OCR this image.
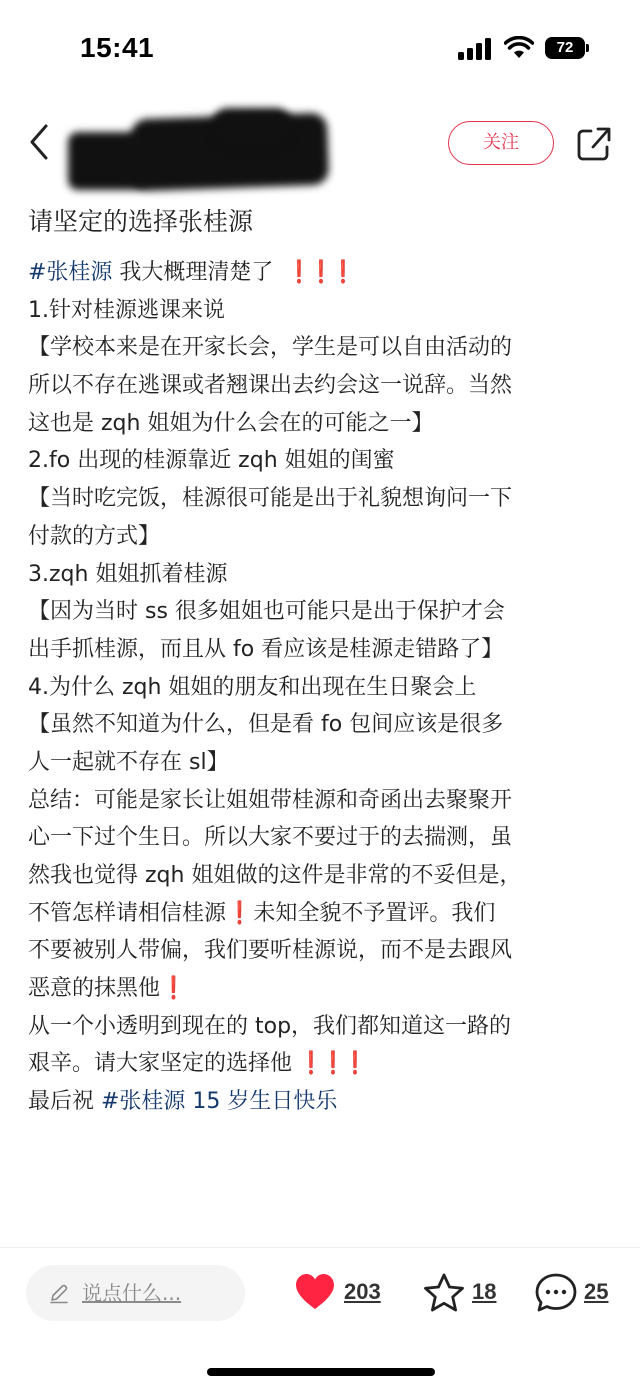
15:41	72
关注
请坚定的选择张桂源
#张桂源 我大概理清楚了 ❗️❗️❗️
1.针对桂源逃课来说
【学校本来是在开家长会，学生是可以自由活动的
所以不存在逃课或者翘课出去约会这一说辞。当然
这也是 zqh 姐姐为什么会在的可能之一】
2.fo 出现的桂源靠近 zqh 姐姐的闺蜜
【当时吃完饭，桂源很可能是出于礼貌想询问一下
付款的方式】
3.zqh 姐姐抓着桂源
【因为当时 ss 很多姐姐也可能只是出于保护才会
出手抓桂源，而且从 fo 看应该是桂源走错路了】
4.为什么 zqh 姐姐的朋友和出现在生日聚会上
【虽然不知道为什么，但是看 fo 包间应该是很多
人一起就不存在 sl】
总结：可能是家长让姐姐带桂源和奇函出去聚聚开
心一下过个生日。所以大家不要过于的去揣测，虽
然我也觉得 zqh 姐姐做的这件是非常的不妥但是，
不管怎样请相信桂源 ❗️ 未知全貌不予置评。我们
不要被别人带偏，我们要听桂源说，而不是去跟风
恶意的抹黑他 ❗️
从一个小透明到现在的 top，我们都知道这一路的
艰辛。请大家坚定的选择他 ❗️❗️❗️
最后祝 #张桂源 15 岁生日快乐
说点什么...	203	18	25
